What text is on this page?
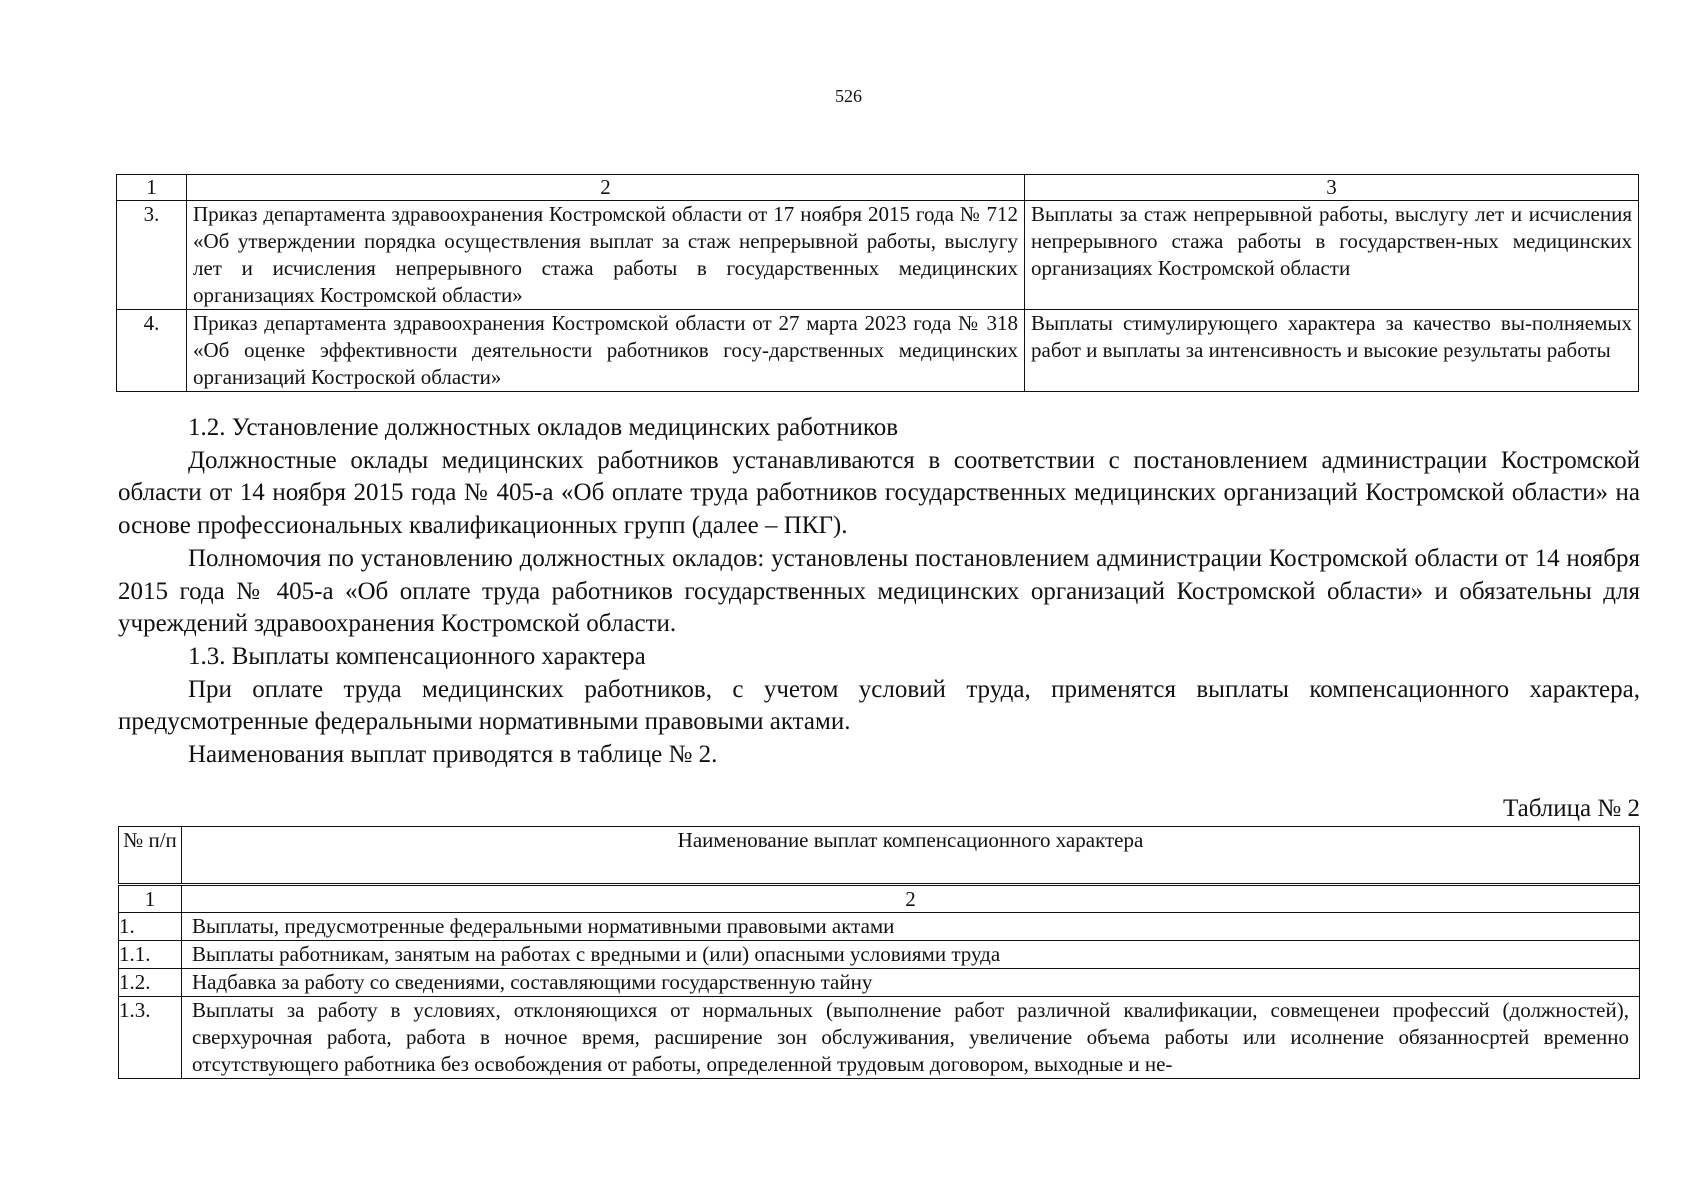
526
1	2	3
3.	Приказ департамента здравоохранения Костромской области от 17 ноября 2015 года № 712 «Об утверждении порядка осуществления выплат за стаж непрерывной работы, выслугу лет и исчисления непрерывного стажа работы в государственных медицинских организациях Костромской области»	Выплаты за стаж непрерывной работы, выслугу лет и исчисления непрерывного стажа работы в государствен-ных медицинских организациях Костромской области
4.	Приказ департамента здравоохранения Костромской области от 27 марта 2023 года № 318 «Об оценке эффективности деятельности работников госу-дарственных медицинских организаций Костроской области»	Выплаты стимулирующего характера за качество вы-полняемых работ и выплаты за интенсивность и высокие результаты работы

1.2. Установление должностных окладов медицинских работников

Должностные оклады медицинских работников устанавливаются в соответствии с постановлением администрации Костромской области от 14 ноября 2015 года № 405-а «Об оплате труда работников государственных медицинских организаций Костромской области» на основе профессиональных квалификационных групп (далее – ПКГ).

Полномочия по установлению должностных окладов: установлены постановлением администрации Костромской области от 14 ноября 2015 года № 405-а «Об оплате труда работников государственных медицинских организаций Костромской области» и обязательны для учреждений здравоохранения Костромской области.

1.3. Выплаты компенсационного характера

При оплате труда медицинских работников, с учетом условий труда, применятся выплаты компенсационного характера, предусмотренные федеральными нормативными правовыми актами.

Наименования выплат приводятся в таблице № 2.

Таблица № 2
№ п/п	Наименование выплат компенсационного характера
1	2
1.	Выплаты, предусмотренные федеральными нормативными правовыми актами
1.1.	Выплаты работникам, занятым на работах с вредными и (или) опасными условиями труда
1.2.	Надбавка за работу со сведениями, составляющими государственную тайну
1.3.	Выплаты за работу в условиях, отклоняющихся от нормальных (выполнение работ различной квалификации, совмещенеи профессий (должностей), сверхурочная работа, работа в ночное время, расширение зон обслуживания, увеличение объема работы или исолнение обязанносртей временно отсутствующего работника без освобождения от работы, определенной трудовым договором, выходные и не-
